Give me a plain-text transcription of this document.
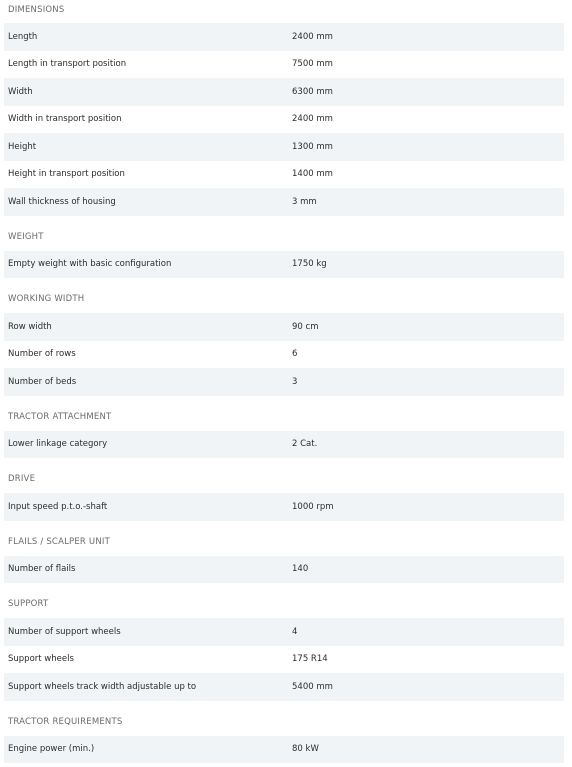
DIMENSIONS
Length	2400 mm
Length in transport position	7500 mm
Width	6300 mm
Width in transport position	2400 mm
Height	1300 mm
Height in transport position	1400 mm
Wall thickness of housing	3 mm
WEIGHT
Empty weight with basic configuration	1750 kg
WORKING WIDTH
Row width	90 cm
Number of rows	6
Number of beds	3
TRACTOR ATTACHMENT
Lower linkage category	2 Cat.
DRIVE
Input speed p.t.o.-shaft	1000 rpm
FLAILS / SCALPER UNIT
Number of flails	140
SUPPORT
Number of support wheels	4
Support wheels	175 R14
Support wheels track width adjustable up to	5400 mm
TRACTOR REQUIREMENTS
Engine power (min.)	80 kW
